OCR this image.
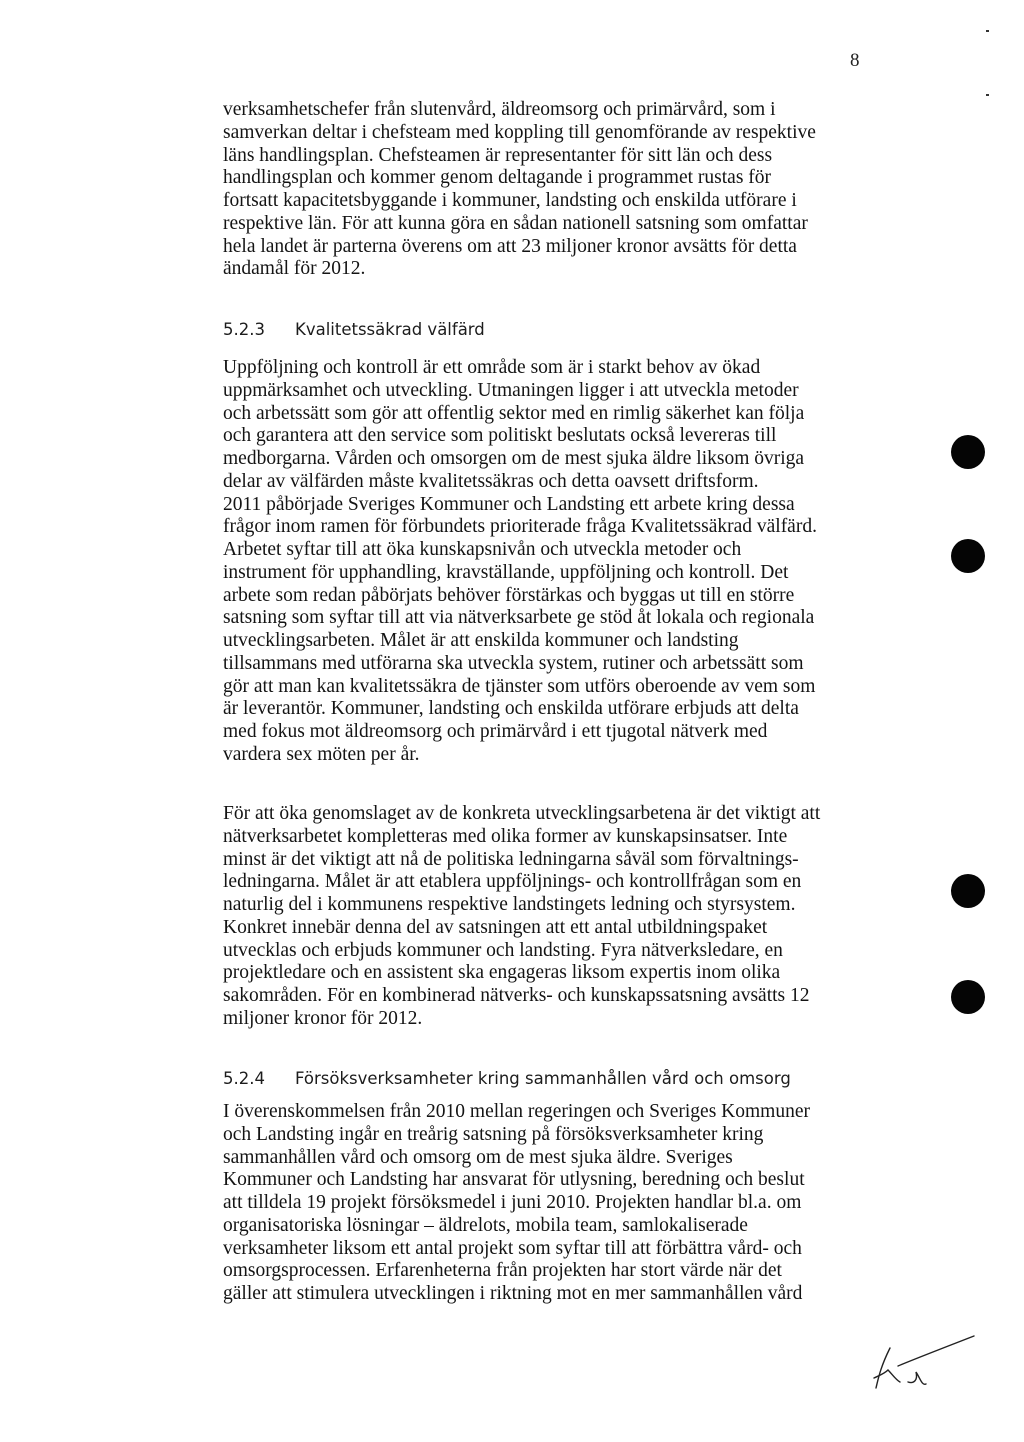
8
verksamhetschefer från slutenvård, äldreomsorg och primärvård, som i
samverkan deltar i chefsteam med koppling till genomförande av respektive
läns handlingsplan. Chefsteamen är representanter för sitt län och dess
handlingsplan och kommer genom deltagande i programmet rustas för
fortsatt kapacitetsbyggande i kommuner, landsting och enskilda utförare i
respektive län. För att kunna göra en sådan nationell satsning som omfattar
hela landet är parterna överens om att 23 miljoner kronor avsätts för detta
ändamål för 2012.
5.2.3 Kvalitetssäkrad välfärd
Uppföljning och kontroll är ett område som är i starkt behov av ökad
uppmärksamhet och utveckling. Utmaningen ligger i att utveckla metoder
och arbetssätt som gör att offentlig sektor med en rimlig säkerhet kan följa
och garantera att den service som politiskt beslutats också levereras till
medborgarna. Vården och omsorgen om de mest sjuka äldre liksom övriga
delar av välfärden måste kvalitetssäkras och detta oavsett driftsform.
2011 påbörjade Sveriges Kommuner och Landsting ett arbete kring dessa
frågor inom ramen för förbundets prioriterade fråga Kvalitetssäkrad välfärd.
Arbetet syftar till att öka kunskapsnivån och utveckla metoder och
instrument för upphandling, kravställande, uppföljning och kontroll. Det
arbete som redan påbörjats behöver förstärkas och byggas ut till en större
satsning som syftar till att via nätverksarbete ge stöd åt lokala och regionala
utvecklingsarbeten. Målet är att enskilda kommuner och landsting
tillsammans med utförarna ska utveckla system, rutiner och arbetssätt som
gör att man kan kvalitetssäkra de tjänster som utförs oberoende av vem som
är leverantör. Kommuner, landsting och enskilda utförare erbjuds att delta
med fokus mot äldreomsorg och primärvård i ett tjugotal nätverk med
vardera sex möten per år.
För att öka genomslaget av de konkreta utvecklingsarbetena är det viktigt att
nätverksarbetet kompletteras med olika former av kunskapsinsatser. Inte
minst är det viktigt att nå de politiska ledningarna såväl som förvaltnings-
ledningarna. Målet är att etablera uppföljnings- och kontrollfrågan som en
naturlig del i kommunens respektive landstingets ledning och styrsystem.
Konkret innebär denna del av satsningen att ett antal utbildningspaket
utvecklas och erbjuds kommuner och landsting. Fyra nätverksledare, en
projektledare och en assistent ska engageras liksom expertis inom olika
sakområden. För en kombinerad nätverks- och kunskapssatsning avsätts 12
miljoner kronor för 2012.
5.2.4 Försöksverksamheter kring sammanhållen vård och omsorg
I överenskommelsen från 2010 mellan regeringen och Sveriges Kommuner
och Landsting ingår en treårig satsning på försöksverksamheter kring
sammanhållen vård och omsorg om de mest sjuka äldre. Sveriges
Kommuner och Landsting har ansvarat för utlysning, beredning och beslut
att tilldela 19 projekt försöksmedel i juni 2010. Projekten handlar bl.a. om
organisatoriska lösningar – äldrelots, mobila team, samlokaliserade
verksamheter liksom ett antal projekt som syftar till att förbättra vård- och
omsorgsprocessen. Erfarenheterna från projekten har stort värde när det
gäller att stimulera utvecklingen i riktning mot en mer sammanhållen vård
